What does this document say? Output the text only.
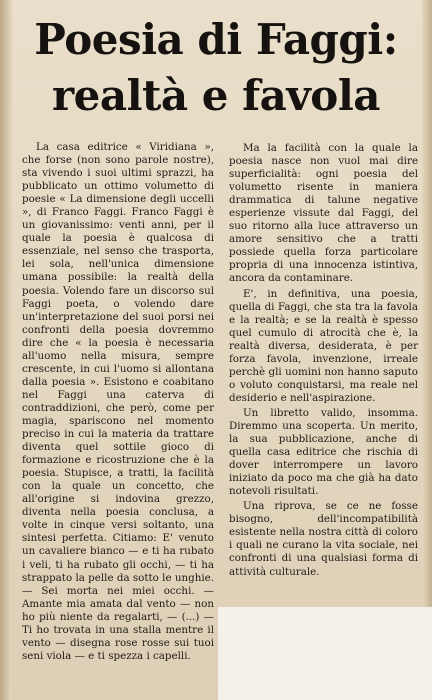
Poesia di Faggi:
realtà e favola

La casa editrice « Viridiana », che forse (non sono parole nostre), sta vivendo i suoi ultimi sprazzi, ha pubblicato un ottimo volumetto di poesie « La dimensione degli uccelli », di Franco Faggi. Franco Faggi è un giovanissimo: venti anni, per il quale la poesia è qualcosa di essenziale, nel senso che trasporta, lei sola, nell'unica dimensione umana possibile: la realtà della poesia. Volendo fare un discorso sul Faggi poeta, o volendo dare un'interpretazione del suoi porsi nei confronti della poesia dovremmo dire che « la poesia è necessaria all'uomo nella misura, sempre crescente, in cui l'uomo si allontana dalla poesia ». Esistono e coabitano nel Faggi una caterva di contraddizioni, che però, come per magia, spariscono nel momento preciso in cui la materia da trattare diventa quel sottile gioco di formazione e ricostruzione che è la poesia. Stupisce, a tratti, la facilità con la quale un concetto, che all'origine si indovina grezzo, diventa nella poesia conclusa, a volte in cinque versi soltanto, una sintesi perfetta. Citiamo: E' venuto un cavaliere bianco — e ti ha rubato i veli, ti ha rubato gli occhi, — ti ha strappato la pelle da sotto le unghie. — Sei morta nei miei occhi. — Amante mia amata dal vento — non ho più niente da regalarti, — (...) — Ti ho trovata in una stalla mentre il vento — disegna rose rosse sui tuoi seni viola — e ti spezza i capelli.

Ma la facilità con la quale la poesia nasce non vuol mai dire superficialità: ogni poesia del volumetto risente in maniera drammatica di talune negative esperienze vissute dal Faggi, del suo ritorno alla luce attraverso un amore sensitivo che a tratti possiede quella forza particolare propria di una innocenza istintiva, ancora da contaminare.

E', in definitiva, una poesia, quella di Faggi, che sta tra la favola e la realtà; e se la realtà è spesso quel cumulo di atrocità che è, la realtà diversa, desiderata, è per forza favola, invenzione, irreale perchè gli uomini non hanno saputo o voluto conquistarsi, ma reale nel desiderio e nell'aspirazione.

Un libretto valido, insomma. Diremmo una scoperta. Un merito, la sua pubblicazione, anche di quella casa editrice che rischia di dover interrompere un lavoro iniziato da poco ma che già ha dato notevoli risultati.

Una riprova, se ce ne fosse bisogno, dell'incompatibilità esistente nella nostra città di coloro i quali ne curano la vita sociale, nei confronti di una qualsiasi forma di attività culturale.
